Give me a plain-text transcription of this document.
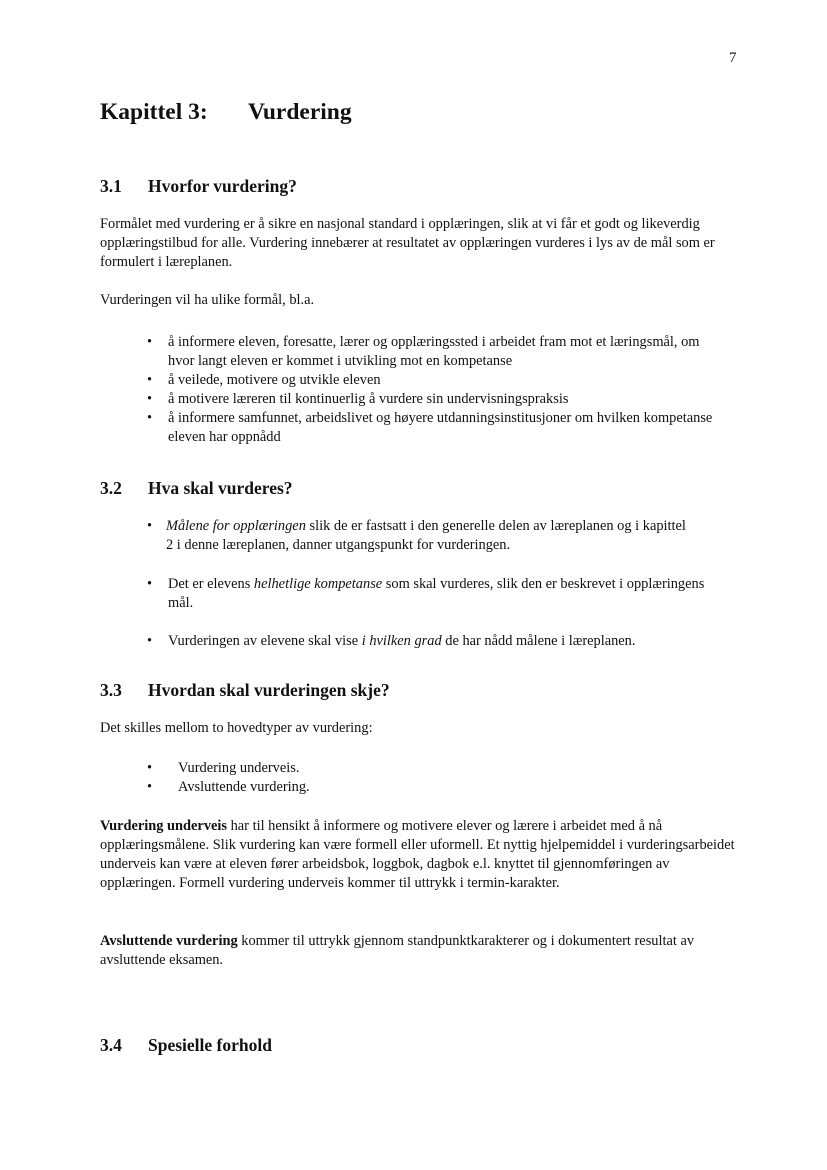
7
Kapittel 3: Vurdering
3.1 Hvorfor vurdering?

Formålet med vurdering er å sikre en nasjonal standard i opplæringen, slik at vi får et godt og likeverdig opplæringstilbud for alle. Vurdering innebærer at resultatet av opplæringen vurderes i lys av de mål som er formulert i læreplanen.

Vurderingen vil ha ulike formål, bl.a.

• å informere eleven, foresatte, lærer og opplæringssted i arbeidet fram mot et læringsmål, om hvor langt eleven er kommet i utvikling mot en kompetanse

• å veilede, motivere og utvikle eleven

• å motivere læreren til kontinuerlig å vurdere sin undervisningspraksis

• å informere samfunnet, arbeidslivet og høyere utdanningsinstitusjoner om hvilken kompetanse eleven har oppnådd

3.2 Hva skal vurderes?
• Målene for opplæringen slik de er fastsatt i den generelle delen av læreplanen og i kapittel 2 i denne læreplanen, danner utgangspunkt for vurderingen.

• Det er elevens helhetlige kompetanse som skal vurderes, slik den er beskrevet i opplæringens mål.

• Vurderingen av elevene skal vise i hvilken grad de har nådd målene i læreplanen.

3.3 Hvordan skal vurderingen skje?

Det skilles mellom to hovedtyper av vurdering:

• Vurdering underveis.

• Avsluttende vurdering.

Vurdering underveis har til hensikt å informere og motivere elever og lærere i arbeidet med å nå opplæringsmålene. Slik vurdering kan være formell eller uformell. Et nyttig hjelpemiddel i vurderingsarbeidet underveis kan være at eleven fører arbeidsbok, loggbok, dagbok e.l. knyttet til gjennomføringen av opplæringen. Formell vurdering underveis kommer til uttrykk i termin-karakter.

Avsluttende vurdering kommer til uttrykk gjennom standpunktkarakterer og i dokumentert resultat av avsluttende eksamen.

3.4 Spesielle forhold
